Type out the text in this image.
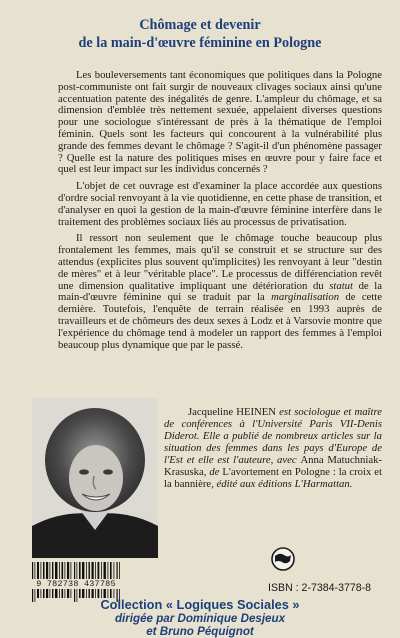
Chômage et devenir
de la main-d'œuvre féminine en Pologne

Les bouleversements tant économiques que politiques dans la Pologne post-communiste ont fait surgir de nouveaux clivages sociaux ainsi qu'une accentuation patente des inégalités de genre. L'ampleur du chômage, et sa dimension d'emblée très nettement sexuée, appelaient diverses questions pour une sociologue s'intéressant de près à la thématique de l'emploi féminin. Quels sont les facteurs qui concourent à la vulnérabilité plus grande des femmes devant le chômage ? S'agit-il d'un phénomène passager ? Quelle est la nature des politiques mises en œuvre pour y faire face et quel est leur impact sur les individus concernés ?

L'objet de cet ouvrage est d'examiner la place accordée aux questions d'ordre social renvoyant à la vie quotidienne, en cette phase de transition, et d'analyser en quoi la gestion de la main-d'œuvre féminine interfère dans le traitement des problèmes sociaux liés au processus de privatisation.

Il ressort non seulement que le chômage touche beaucoup plus frontalement les femmes, mais qu'il se construit et se structure sur des attendus (explicites plus souvent qu'implicites) les renvoyant à leur "destin de mères" et à leur "véritable place". Le processus de différenciation revêt une dimension qualitative impliquant une détérioration du statut de la main-d'œuvre féminine qui se traduit par la marginalisation de cette dernière. Toutefois, l'enquête de terrain réalisée en 1993 auprès de travailleurs et de chômeurs des deux sexes à Lodz et à Varsovie montre que l'expérience du chômage tend à modeler un rapport des femmes à l'emploi beaucoup plus dynamique que par le passé.

Jacqueline HEINEN est sociologue et maître de conférences à l'Université Paris VII-Denis Diderot. Elle a publié de nombreux articles sur la situation des femmes dans les pays d'Europe de l'Est et elle est l'auteure, avec Anna Matuchniak-Krasuska, de L'avortement en Pologne : la croix et la bannière, édité aux éditions L'Harmattan.
9 782738 437785	ISBN : 2-7384-3778-8
Collection « Logiques Sociales »
dirigée par Dominique Desjeux
et Bruno Péquignot
